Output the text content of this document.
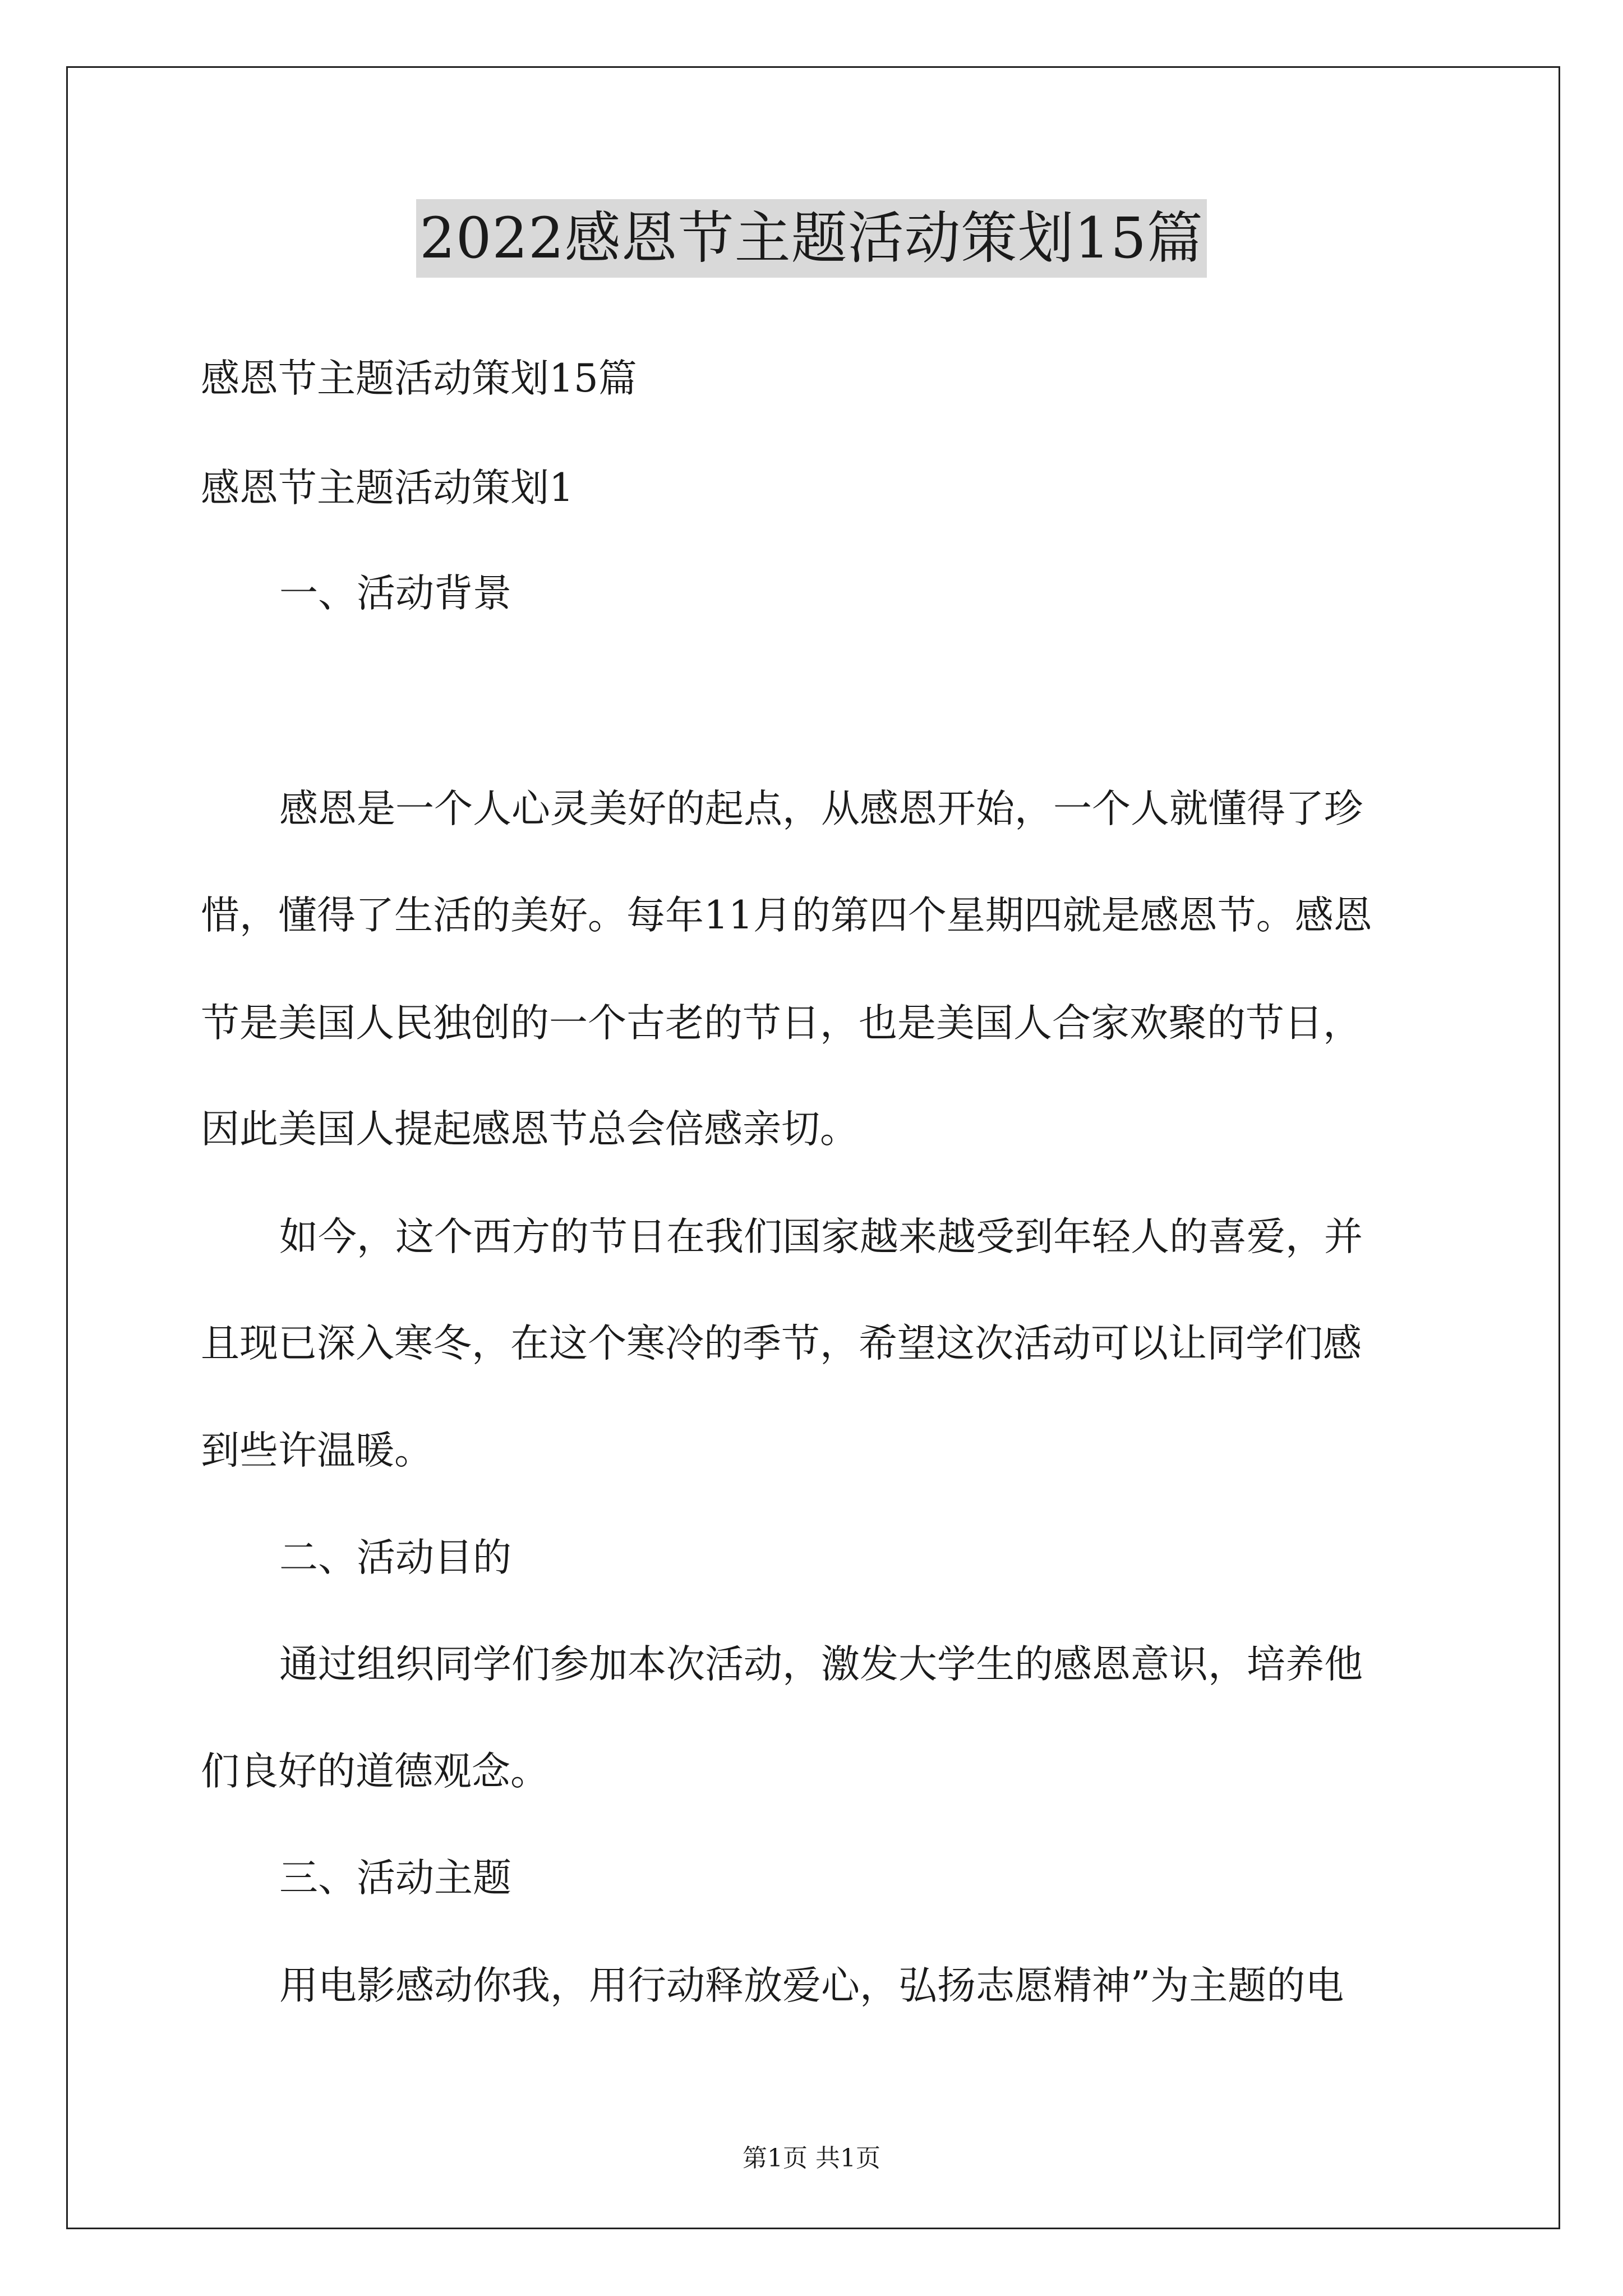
2022感恩节主题活动策划15篇
感恩节主题活动策划15篇
感恩节主题活动策划1
一、活动背景
感恩是一个人心灵美好的起点，从感恩开始，一个人就懂得了珍
惜，懂得了生活的美好。每年11月的第四个星期四就是感恩节。感恩
节是美国人民独创的一个古老的节日，也是美国人合家欢聚的节日，
因此美国人提起感恩节总会倍感亲切。
如今，这个西方的节日在我们国家越来越受到年轻人的喜爱，并
且现已深入寒冬，在这个寒冷的季节，希望这次活动可以让同学们感
到些许温暖。
二、活动目的
通过组织同学们参加本次活动，激发大学生的感恩意识，培养他
们良好的道德观念。
三、活动主题
用电影感动你我，用行动释放爱心，弘扬志愿精神”为主题的电
第1页 共1页
